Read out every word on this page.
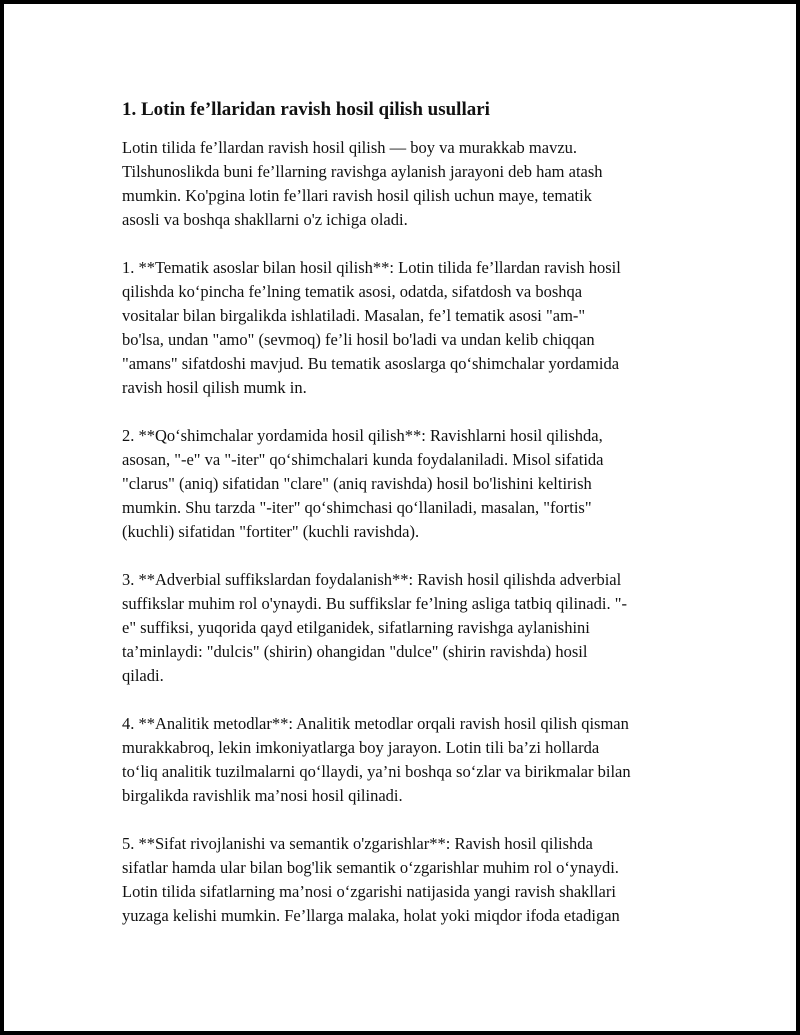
1. Lotin fe’llaridan ravish hosil qilish usullari

Lotin tilida fe’llardan ravish hosil qilish — boy va murakkab mavzu.
Tilshunoslikda buni fe’llarning ravishga aylanish jarayoni deb ham atash
mumkin. Ko'pgina lotin fe’llari ravish hosil qilish uchun maye, tematik
asosli va boshqa shakllarni o'z ichiga oladi.

1. **Tematik asoslar bilan hosil qilish**: Lotin tilida fe’llardan ravish hosil
qilishda ko‘pincha fe’lning tematik asosi, odatda, sifatdosh va boshqa
vositalar bilan birgalikda ishlatiladi. Masalan, fe’l tematik asosi "am-"
bo'lsa, undan "amo" (sevmoq) fe’li hosil bo'ladi va undan kelib chiqqan
"amans" sifatdoshi mavjud. Bu tematik asoslarga qo‘shimchalar yordamida
ravish hosil qilish mumk in.

2. **Qo‘shimchalar yordamida hosil qilish**: Ravishlarni hosil qilishda,
asosan, "-e" va "-iter" qo‘shimchalari kunda foydalaniladi. Misol sifatida
"clarus" (aniq) sifatidan "clare" (aniq ravishda) hosil bo'lishini keltirish
mumkin. Shu tarzda "-iter" qo‘shimchasi qo‘llaniladi, masalan, "fortis"
(kuchli) sifatidan "fortiter" (kuchli ravishda).

3. **Adverbial suffikslardan foydalanish**: Ravish hosil qilishda adverbial
suffikslar muhim rol o'ynaydi. Bu suffikslar fe’lning asliga tatbiq qilinadi. "-
e" suffiksi, yuqorida qayd etilganidek, sifatlarning ravishga aylanishini
ta’minlaydi: "dulcis" (shirin) ohangidan "dulce" (shirin ravishda) hosil
qiladi.

4. **Analitik metodlar**: Analitik metodlar orqali ravish hosil qilish qisman
murakkabroq, lekin imkoniyatlarga boy jarayon. Lotin tili ba’zi hollarda
to‘liq analitik tuzilmalarni qo‘llaydi, ya’ni boshqa so‘zlar va birikmalar bilan
birgalikda ravishlik ma’nosi hosil qilinadi.

5. **Sifat rivojlanishi va semantik o'zgarishlar**: Ravish hosil qilishda
sifatlar hamda ular bilan bog'lik semantik o‘zgarishlar muhim rol o‘ynaydi.
Lotin tilida sifatlarning ma’nosi o‘zgarishi natijasida yangi ravish shakllari
yuzaga kelishi mumkin. Fe’llarga malaka, holat yoki miqdor ifoda etadigan
